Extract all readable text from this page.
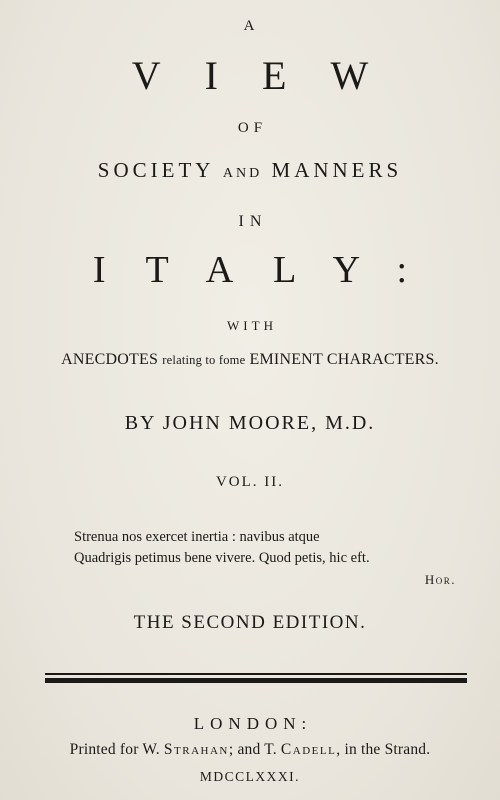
A
VIEW
OF
SOCIETY AND MANNERS
IN
ITALY:
WITH
ANECDOTES relating to fome EMINENT CHARACTERS.
BY JOHN MOORE, M.D.
VOL. II.
Strenua nos exercet inertia : navibus atque
Quadrigis petimus bene vivere. Quod petis, hic eft.
Hor.
THE SECOND EDITION.
LONDON:
Printed for W. Strahan; and T. Cadell, in the Strand.
MDCCLXXXI.
